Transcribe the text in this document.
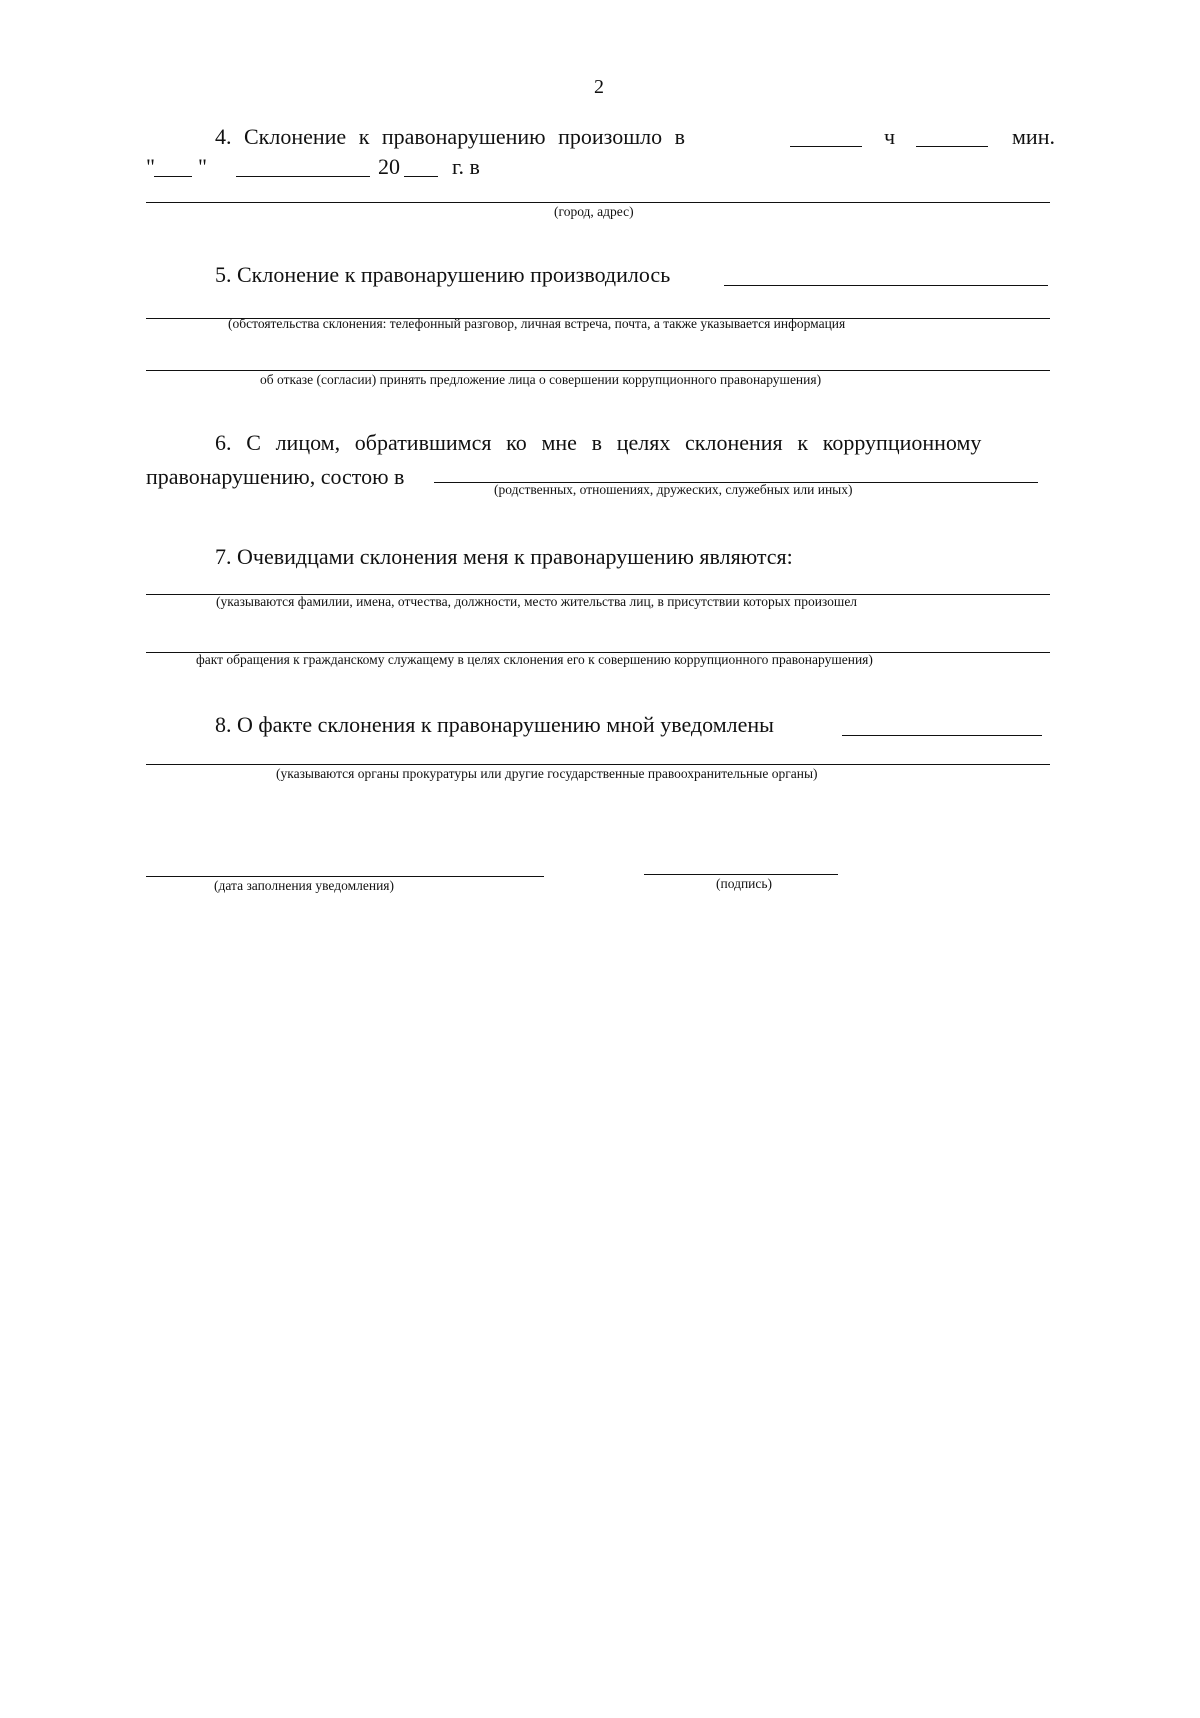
2
4. Склонение к правонарушению произошло в	ч	мин.
" "	20 г. в
(город, адрес)
5. Склонение к правонарушению производилось
(обстоятельства склонения: телефонный разговор, личная встреча, почта, а также указывается информация
об отказе (согласии) принять предложение лица о совершении коррупционного правонарушения)
6. С лицом, обратившимся ко мне в целях склонения к коррупционному
правонарушению, состою в
(родственных, отношениях, дружеских, служебных или иных)
7. Очевидцами склонения меня к правонарушению являются:
(указываются фамилии, имена, отчества, должности, место жительства лиц, в присутствии которых произошел
факт обращения к гражданскому служащему в целях склонения его к совершению коррупционного правонарушения)
8. О факте склонения к правонарушению мной уведомлены
(указываются органы прокуратуры или другие государственные правоохранительные органы)
(дата заполнения уведомления)	(подпись)
